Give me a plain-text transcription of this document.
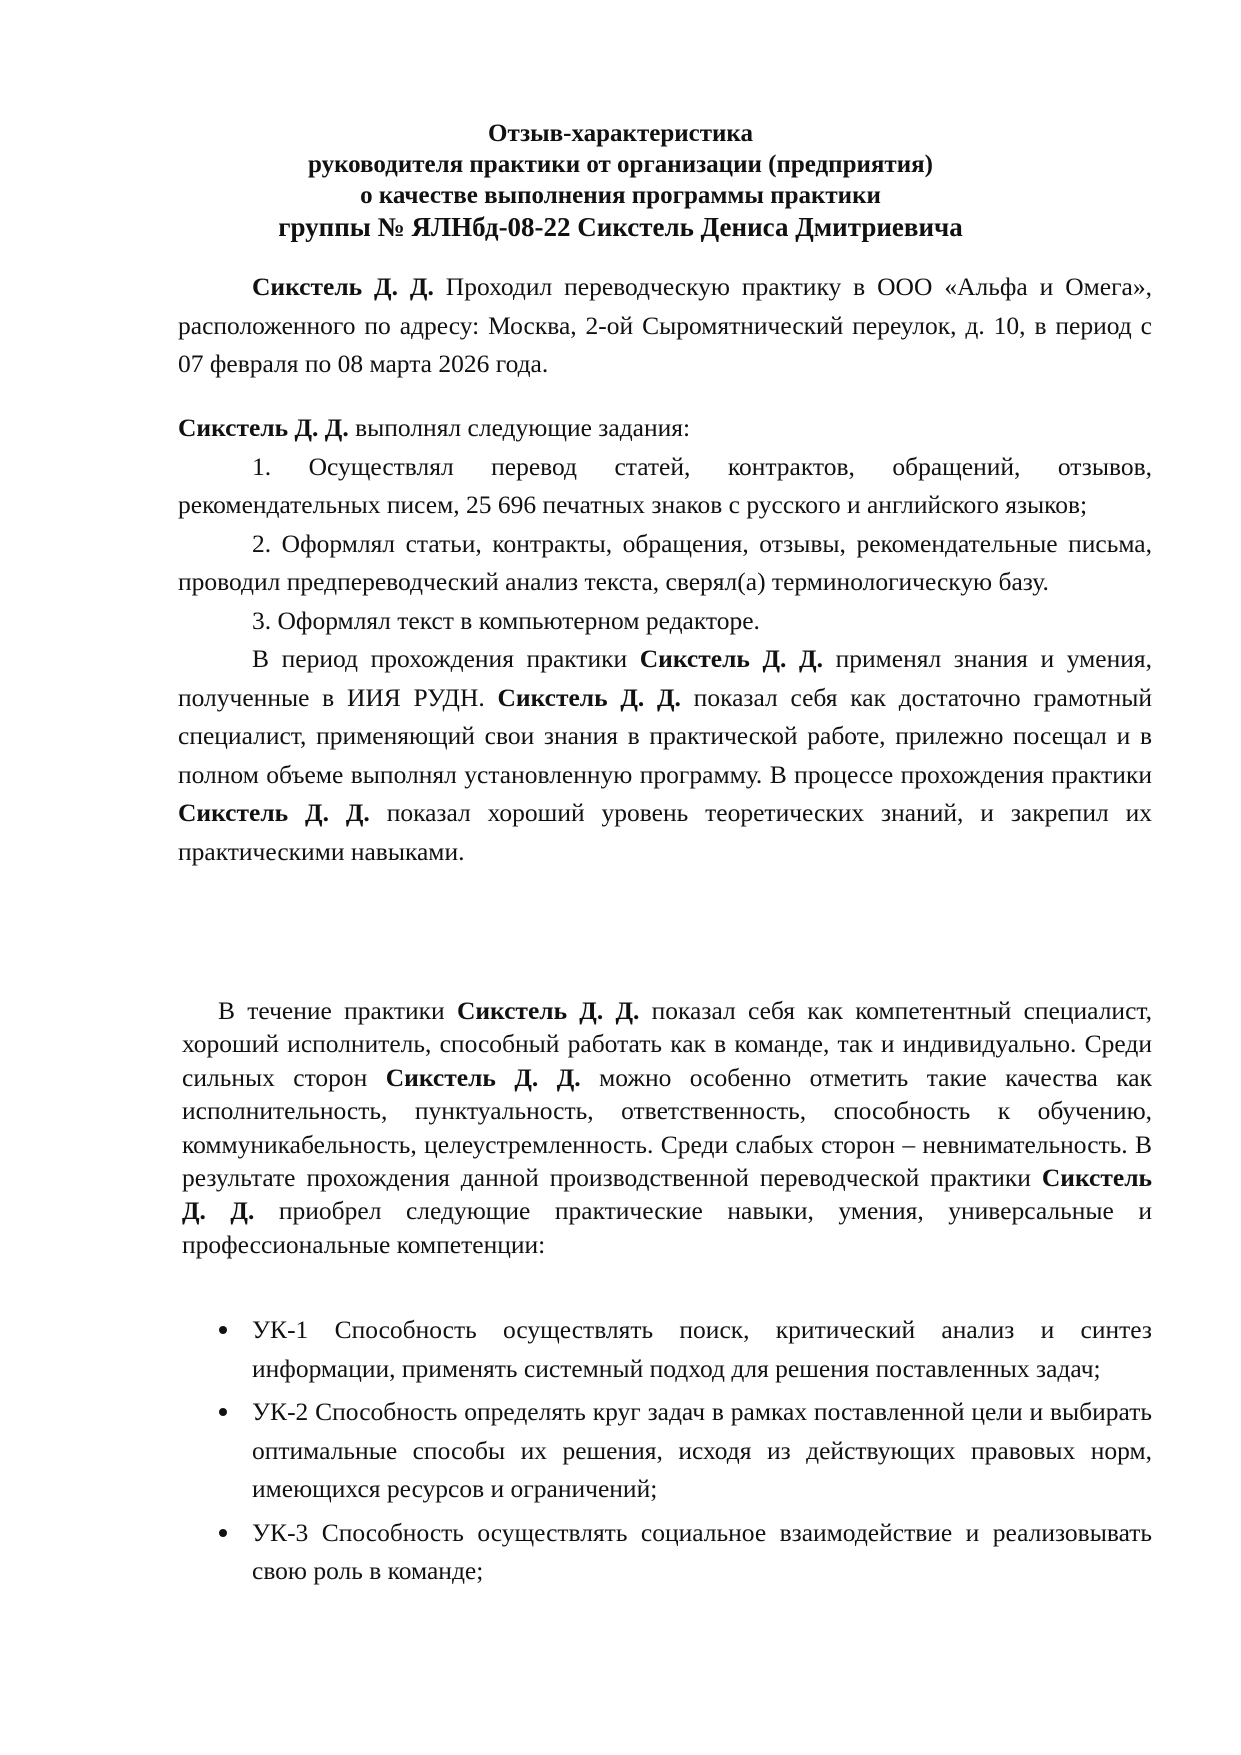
Отзыв-характеристика
руководителя практики от организации (предприятия)
о качестве выполнения программы практики
группы № ЯЛНбд-08-22 Сикстель Дениса Дмитриевича

Сикстель Д. Д. Проходил переводческую практику в ООО «Альфа и Омега», расположенного по адресу: Москва, 2-ой Сыромятнический переулок, д. 10, в период с 07 февраля по 08 марта 2026 года.

Сикстель Д. Д. выполнял следующие задания:

1. Осуществлял перевод статей, контрактов, обращений, отзывов, рекомендательных писем, 25 696 печатных знаков с русского и английского языков;

2. Оформлял статьи, контракты, обращения, отзывы, рекомендательные письма, проводил предпереводческий анализ текста, сверял(а) терминологическую базу.

3. Оформлял текст в компьютерном редакторе.

В период прохождения практики Сикстель Д. Д. применял знания и умения, полученные в ИИЯ РУДН. Сикстель Д. Д. показал себя как достаточно грамотный специалист, применяющий свои знания в практической работе, прилежно посещал и в полном объеме выполнял установленную программу. В процессе прохождения практики Сикстель Д. Д. показал хороший уровень теоретических знаний, и закрепил их практическими навыками.

В течение практики Сикстель Д. Д. показал себя как компетентный специалист, хороший исполнитель, способный работать как в команде, так и индивидуально. Среди сильных сторон Сикстель Д. Д. можно особенно отметить такие качества как исполнительность, пунктуальность, ответственность, способность к обучению, коммуникабельность, целеустремленность. Среди слабых сторон – невнимательность. В результате прохождения данной производственной переводческой практики Сикстель Д. Д. приобрел следующие практические навыки, умения, универсальные и профессиональные компетенции:

УК-1 Способность осуществлять поиск, критический анализ и синтез информации, применять системный подход для решения поставленных задач;
УК-2 Способность определять круг задач в рамках поставленной цели и выбирать оптимальные способы их решения, исходя из действующих правовых норм, имеющихся ресурсов и ограничений;
УК-3 Способность осуществлять социальное взаимодействие и реализовывать свою роль в команде;
